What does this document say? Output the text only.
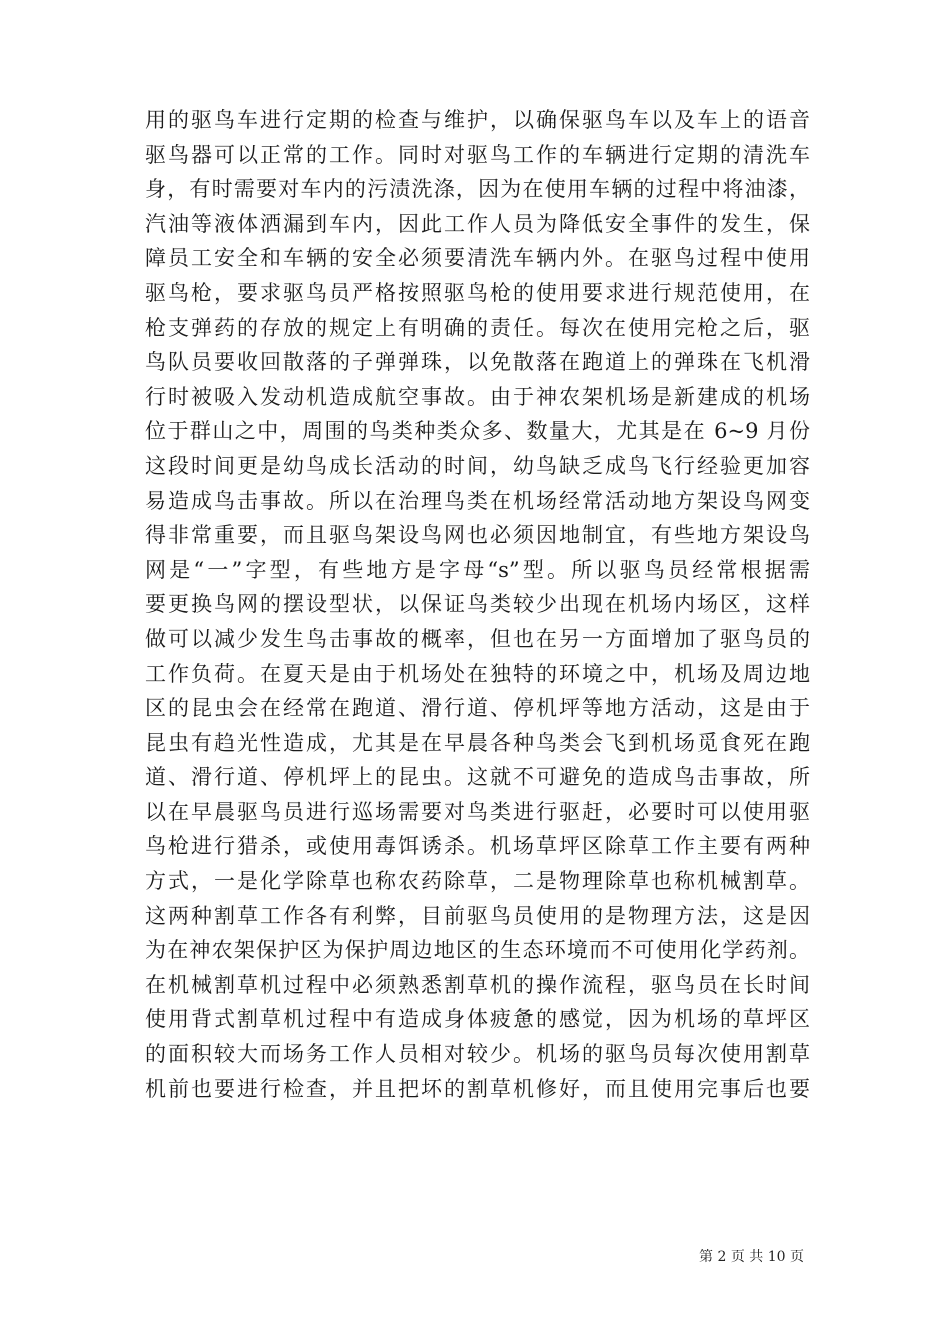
用的驱鸟车进行定期的检查与维护，以确保驱鸟车以及车上的语音
驱鸟器可以正常的工作。同时对驱鸟工作的车辆进行定期的清洗车
身，有时需要对车内的污渍洗涤，因为在使用车辆的过程中将油漆，
汽油等液体洒漏到车内，因此工作人员为降低安全事件的发生，保
障员工安全和车辆的安全必须要清洗车辆内外。在驱鸟过程中使用
驱鸟枪，要求驱鸟员严格按照驱鸟枪的使用要求进行规范使用，在
枪支弹药的存放的规定上有明确的责任。每次在使用完枪之后，驱
鸟队员要收回散落的子弹弹珠，以免散落在跑道上的弹珠在飞机滑
行时被吸入发动机造成航空事故。由于神农架机场是新建成的机场
位于群山之中，周围的鸟类种类众多、数量大，尤其是在 6~9 月份
这段时间更是幼鸟成长活动的时间，幼鸟缺乏成鸟飞行经验更加容
易造成鸟击事故。所以在治理鸟类在机场经常活动地方架设鸟网变
得非常重要，而且驱鸟架设鸟网也必须因地制宜，有些地方架设鸟
网是“一”字型，有些地方是字母“s”型。所以驱鸟员经常根据需
要更换鸟网的摆设型状，以保证鸟类较少出现在机场内场区，这样
做可以减少发生鸟击事故的概率，但也在另一方面增加了驱鸟员的
工作负荷。在夏天是由于机场处在独特的环境之中，机场及周边地
区的昆虫会在经常在跑道、滑行道、停机坪等地方活动，这是由于
昆虫有趋光性造成，尤其是在早晨各种鸟类会飞到机场觅食死在跑
道、滑行道、停机坪上的昆虫。这就不可避免的造成鸟击事故，所
以在早晨驱鸟员进行巡场需要对鸟类进行驱赶，必要时可以使用驱
鸟枪进行猎杀，或使用毒饵诱杀。机场草坪区除草工作主要有两种
方式，一是化学除草也称农药除草，二是物理除草也称机械割草。
这两种割草工作各有利弊，目前驱鸟员使用的是物理方法，这是因
为在神农架保护区为保护周边地区的生态环境而不可使用化学药剂。
在机械割草机过程中必须熟悉割草机的操作流程，驱鸟员在长时间
使用背式割草机过程中有造成身体疲惫的感觉，因为机场的草坪区
的面积较大而场务工作人员相对较少。机场的驱鸟员每次使用割草
机前也要进行检查，并且把坏的割草机修好，而且使用完事后也要
第 2 页 共 10 页
